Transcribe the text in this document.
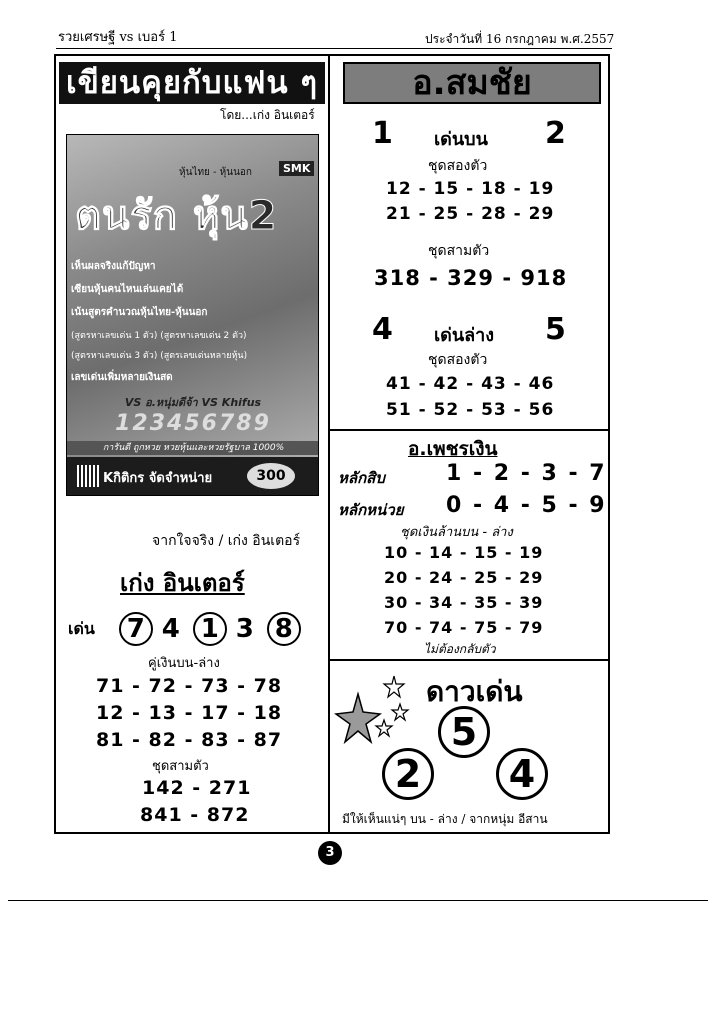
รวยเศรษฐี vs เบอร์ 1	ประจำวันที่ 16 กรกฎาคม พ.ศ.2557
เขียนคุยกับแฟน ๆ
โดย...เก่ง อินเตอร์
หุ้นไทย - หุ้นนอก	SMK
ตนรัก หุ้น2
เห็นผลจริงแก้ปัญหา
เซียนหุ้นคนไหนเล่นเคยได้
เน้นสูตรคำนวณหุ้นไทย-หุ้นนอก
(สูตรหาเลขเด่น 1 ตัว) (สูตรหาเลขเด่น 2 ตัว)
(สูตรหาเลขเด่น 3 ตัว) (สูตรเลขเด่นหลายหุ้น)
เลขเด่นเพิ่มหลายเงินสด
VS อ.หนุ่มดีจ้า VS Khifus
123456789
การันตี ถูกหวย หวยหุ้นและหวยรัฐบาล 1000%
Kกิติกร จัดจำหน่าย	300
จากใจจริง / เก่ง อินเตอร์
เก่ง อินเตอร์
เด่น	7 4 1 3 8
คู่เงินบน-ล่าง
71 - 72 - 73 - 78
12 - 13 - 17 - 18
81 - 82 - 83 - 87
ชุดสามตัว
142 - 271
841 - 872
อ.สมชัย
1 เด่นบน 2
ชุดสองตัว
12 - 15 - 18 - 19
21 - 25 - 28 - 29
ชุดสามตัว
318 - 329 - 918
4 เด่นล่าง 5
ชุดสองตัว
41 - 42 - 43 - 46
51 - 52 - 53 - 56
อ.เพชรเงิน
หลักสิบ	1 - 2 - 3 - 7
หลักหน่วย 0 - 4 - 5 - 9
ชุดเงินล้านบน - ล่าง
10 - 14 - 15 - 19
20 - 24 - 25 - 29
30 - 34 - 35 - 39
70 - 74 - 75 - 79
ไม่ต้องกลับตัว
ดาวเด่น
5
2	4
มีให้เห็นแน่ๆ บน - ล่าง / จากหนุ่ม อีสาน
3
